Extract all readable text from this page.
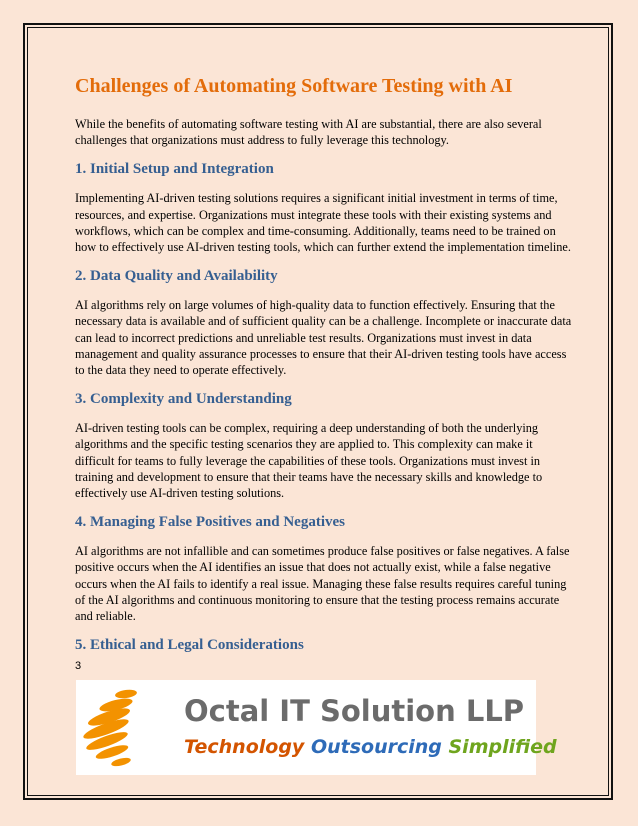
Challenges of Automating Software Testing with AI

While the benefits of automating software testing with AI are substantial, there are also several challenges that organizations must address to fully leverage this technology.

1. Initial Setup and Integration

Implementing AI-driven testing solutions requires a significant initial investment in terms of time, resources, and expertise. Organizations must integrate these tools with their existing systems and workflows, which can be complex and time-consuming. Additionally, teams need to be trained on how to effectively use AI-driven testing tools, which can further extend the implementation timeline.

2. Data Quality and Availability

AI algorithms rely on large volumes of high-quality data to function effectively. Ensuring that the necessary data is available and of sufficient quality can be a challenge. Incomplete or inaccurate data can lead to incorrect predictions and unreliable test results. Organizations must invest in data management and quality assurance processes to ensure that their AI-driven testing tools have access to the data they need to operate effectively.

3. Complexity and Understanding

AI-driven testing tools can be complex, requiring a deep understanding of both the underlying algorithms and the specific testing scenarios they are applied to. This complexity can make it difficult for teams to fully leverage the capabilities of these tools. Organizations must invest in training and development to ensure that their teams have the necessary skills and knowledge to effectively use AI-driven testing solutions.

4. Managing False Positives and Negatives

AI algorithms are not infallible and can sometimes produce false positives or false negatives. A false positive occurs when the AI identifies an issue that does not actually exist, while a false negative occurs when the AI fails to identify a real issue. Managing these false results requires careful tuning of the AI algorithms and continuous monitoring to ensure that the testing process remains accurate and reliable.

5. Ethical and Legal Considerations
3
Octal IT Solution LLP
Technology Outsourcing Simplified
